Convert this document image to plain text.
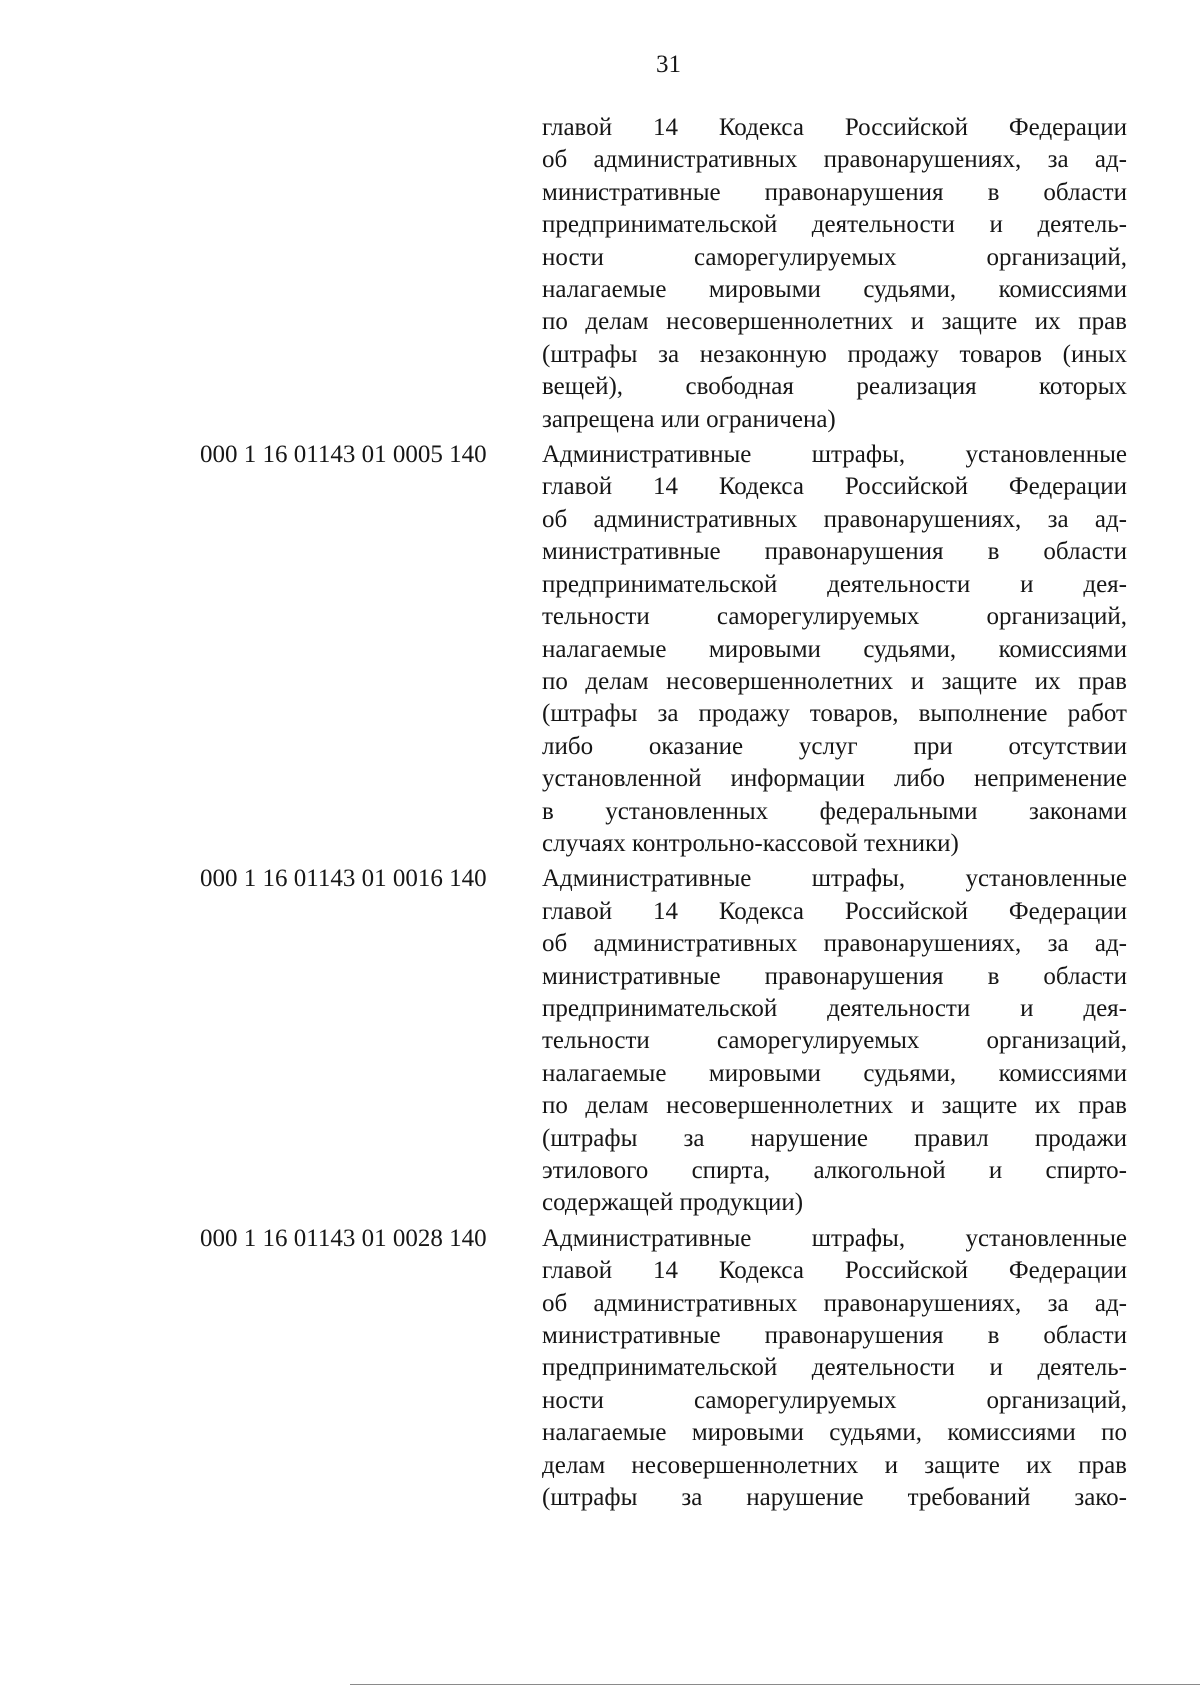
31
главой 14 Кодекса Российской Федерации
об административных правонарушениях, за ад-
министративные правонарушения в области
предпринимательской деятельности и деятель-
ности саморегулируемых организаций,
налагаемые мировыми судьями, комиссиями
по делам несовершеннолетних и защите их прав
(штрафы за незаконную продажу товаров (иных
вещей), свободная реализация которых
запрещена или ограничена)
000 1 16 01143 01 0005 140	Административные штрафы, установленные
главой 14 Кодекса Российской Федерации
об административных правонарушениях, за ад-
министративные правонарушения в области
предпринимательской деятельности и дея-
тельности саморегулируемых организаций,
налагаемые мировыми судьями, комиссиями
по делам несовершеннолетних и защите их прав
(штрафы за продажу товаров, выполнение работ
либо оказание услуг при отсутствии
установленной информации либо неприменение
в установленных федеральными законами
случаях контрольно-кассовой техники)
000 1 16 01143 01 0016 140	Административные штрафы, установленные
главой 14 Кодекса Российской Федерации
об административных правонарушениях, за ад-
министративные правонарушения в области
предпринимательской деятельности и дея-
тельности саморегулируемых организаций,
налагаемые мировыми судьями, комиссиями
по делам несовершеннолетних и защите их прав
(штрафы за нарушение правил продажи
этилового спирта, алкогольной и спирто-
содержащей продукции)
000 1 16 01143 01 0028 140	Административные штрафы, установленные
главой 14 Кодекса Российской Федерации
об административных правонарушениях, за ад-
министративные правонарушения в области
предпринимательской деятельности и деятель-
ности саморегулируемых организаций,
налагаемые мировыми судьями, комиссиями по
делам несовершеннолетних и защите их прав
(штрафы за нарушение требований зако-
